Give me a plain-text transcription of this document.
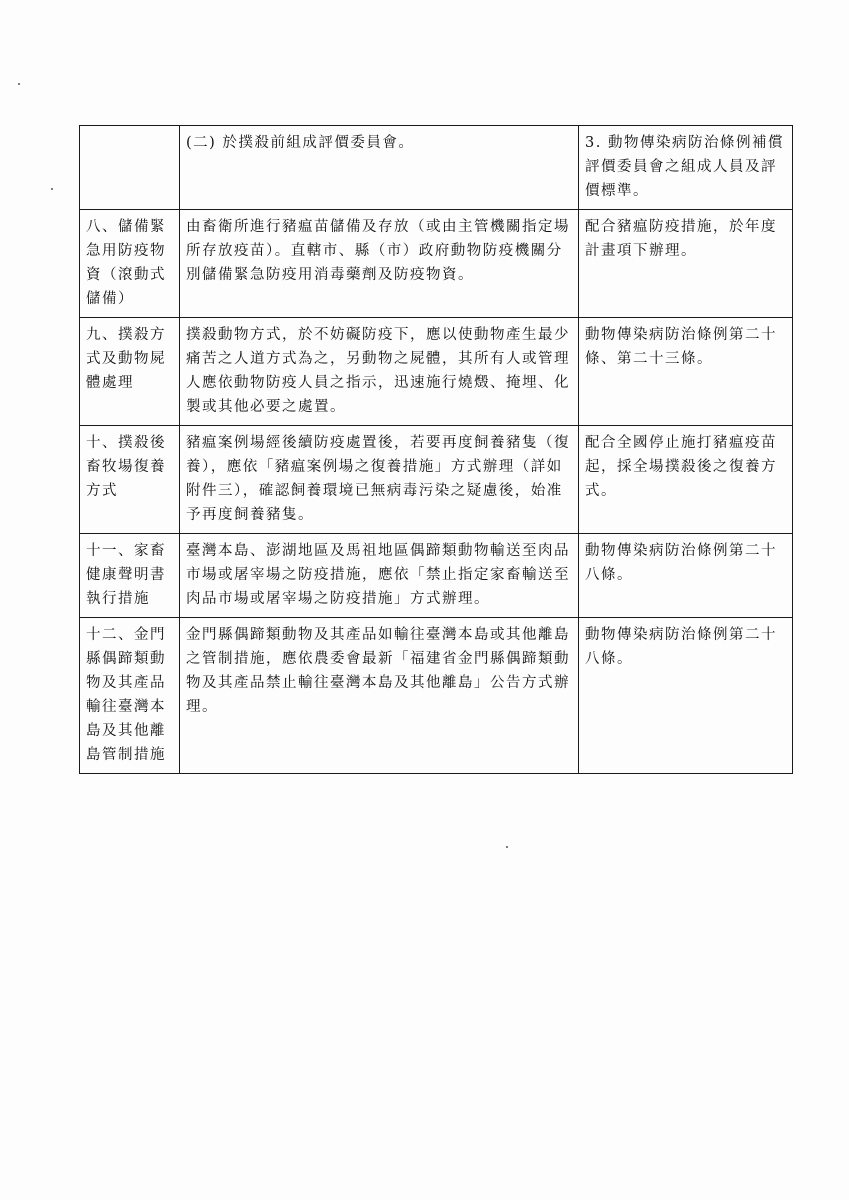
	(二) 於撲殺前組成評價委員會。	3. 動物傳染病防治條例補償評價委員會之組成人員及評價標準。
八、儲備緊急用防疫物資（滾動式儲備）	由畜衛所進行豬瘟苗儲備及存放（或由主管機關指定場所存放疫苗）。直轄市、縣（市）政府動物防疫機關分別儲備緊急防疫用消毒藥劑及防疫物資。	配合豬瘟防疫措施，於年度計畫項下辦理。
九、撲殺方式及動物屍體處理	撲殺動物方式，於不妨礙防疫下，應以使動物產生最少痛苦之人道方式為之，另動物之屍體，其所有人或管理人應依動物防疫人員之指示，迅速施行燒燬、掩埋、化製或其他必要之處置。	動物傳染病防治條例第二十條、第二十三條。
十、撲殺後畜牧場復養方式	豬瘟案例場經後續防疫處置後，若要再度飼養豬隻（復養），應依「豬瘟案例場之復養措施」方式辦理（詳如附件三），確認飼養環境已無病毒污染之疑慮後，始准予再度飼養豬隻。	配合全國停止施打豬瘟疫苗起，採全場撲殺後之復養方式。
十一、家畜健康聲明書執行措施	臺灣本島、澎湖地區及馬祖地區偶蹄類動物輸送至肉品市場或屠宰場之防疫措施，應依「禁止指定家畜輸送至肉品市場或屠宰場之防疫措施」方式辦理。	動物傳染病防治條例第二十八條。
十二、金門縣偶蹄類動物及其產品輸往臺灣本島及其他離島管制措施	金門縣偶蹄類動物及其產品如輸往臺灣本島或其他離島之管制措施，應依農委會最新「福建省金門縣偶蹄類動物及其產品禁止輸往臺灣本島及其他離島」公告方式辦理。	動物傳染病防治條例第二十八條。
